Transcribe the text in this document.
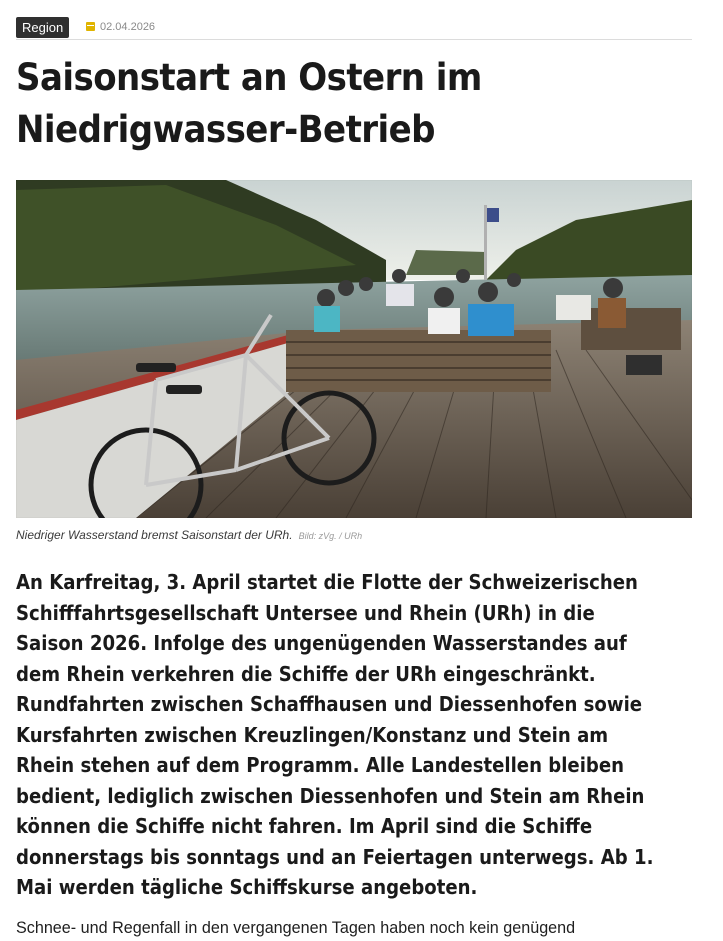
Region	02.04.2026
Saisonstart an Ostern im Niedrigwasser-Betrieb
Niedriger Wasserstand bremst Saisonstart der URh. Bild: zVg. / URh

An Karfreitag, 3. April startet die Flotte der Schweizerischen Schifffahrtsgesellschaft Untersee und Rhein (URh) in die Saison 2026. Infolge des ungenügenden Wasserstandes auf dem Rhein verkehren die Schiffe der URh eingeschränkt. Rundfahrten zwischen Schaffhausen und Diessenhofen sowie Kursfahrten zwischen Kreuzlingen/Konstanz und Stein am Rhein stehen auf dem Programm. Alle Landestellen bleiben bedient, lediglich zwischen Diessenhofen und Stein am Rhein können die Schiffe nicht fahren. Im April sind die Schiffe donnerstags bis sonntags und an Feiertagen unterwegs. Ab 1. Mai werden tägliche Schiffskurse angeboten.

Schnee- und Regenfall in den vergangenen Tagen haben noch kein genügend
